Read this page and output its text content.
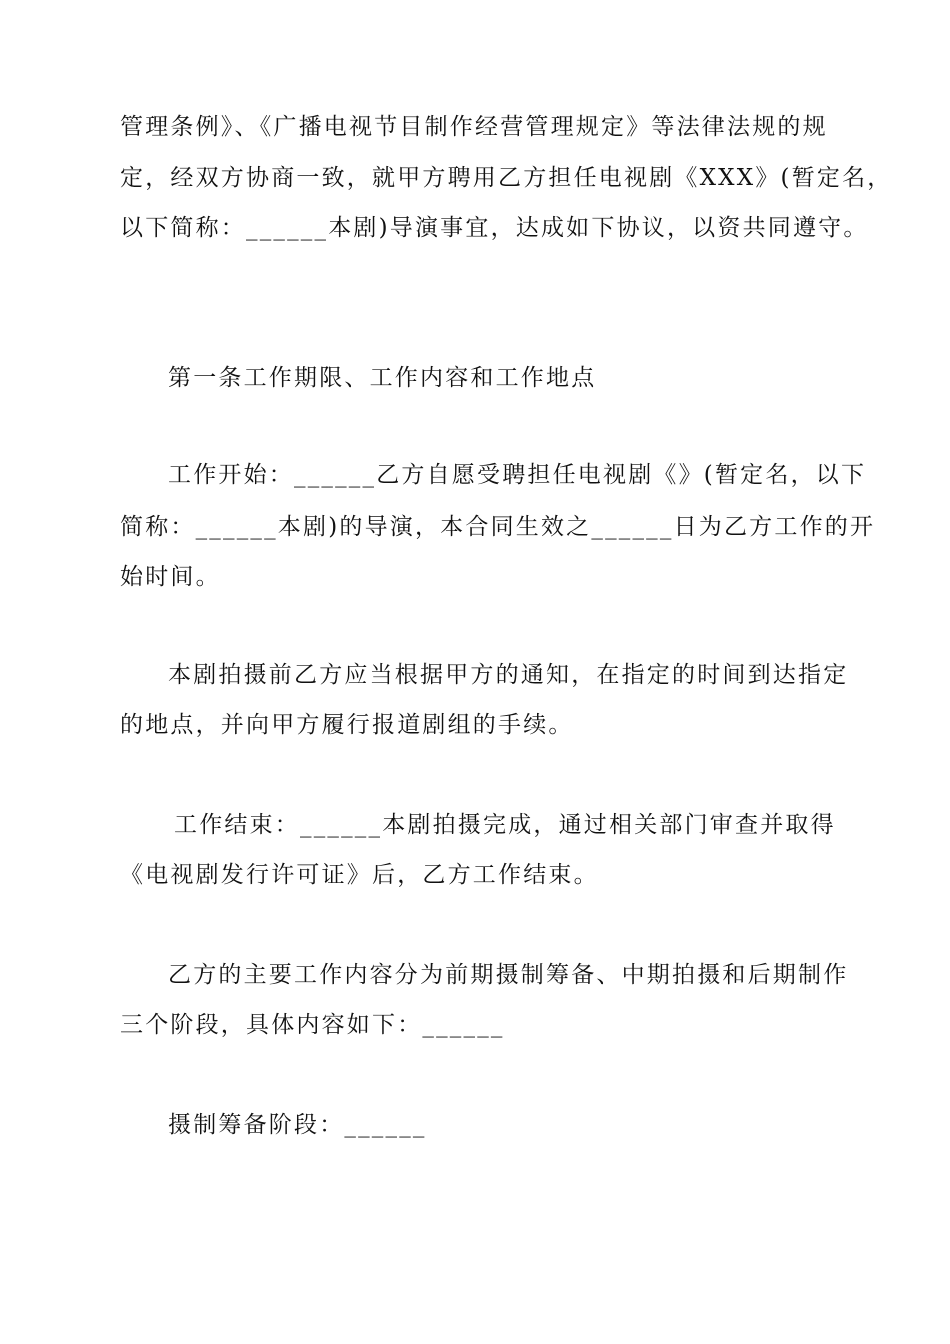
管理条例》、《广播电视节目制作经营管理规定》等法律法规的规
定，经双方协商一致，就甲方聘用乙方担任电视剧《XXX》(暂定名，
以下简称：______本剧)导演事宜，达成如下协议，以资共同遵守。
第一条工作期限、工作内容和工作地点
工作开始：______乙方自愿受聘担任电视剧《》(暂定名，以下
简称：______本剧)的导演，本合同生效之______日为乙方工作的开
始时间。
本剧拍摄前乙方应当根据甲方的通知，在指定的时间到达指定
的地点，并向甲方履行报道剧组的手续。
工作结束：______本剧拍摄完成，通过相关部门审查并取得
《电视剧发行许可证》后，乙方工作结束。
乙方的主要工作内容分为前期摄制筹备、中期拍摄和后期制作
三个阶段，具体内容如下：______
摄制筹备阶段：______
